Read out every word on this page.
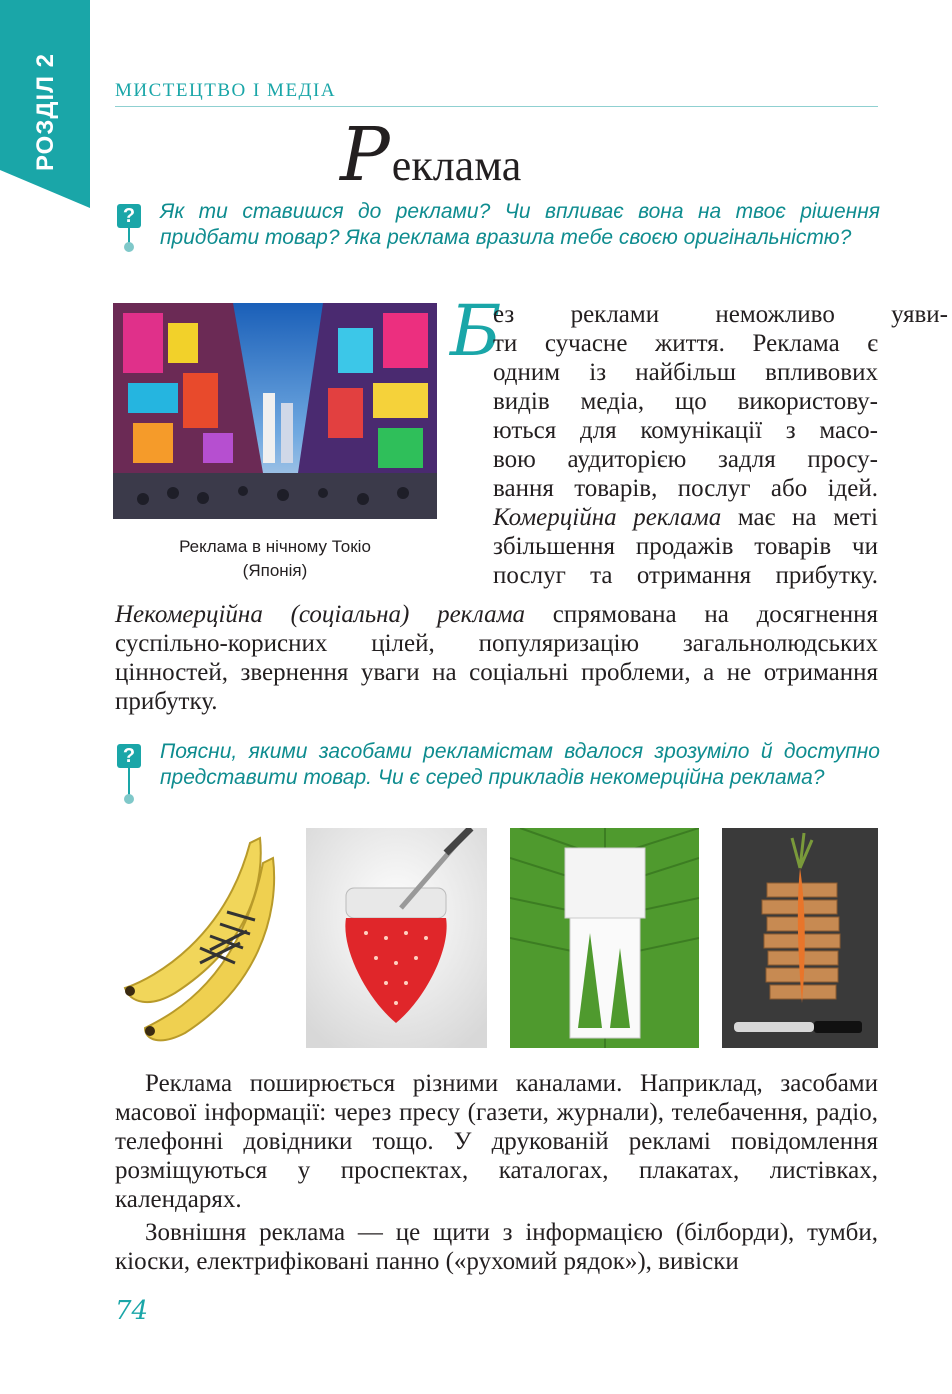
РОЗДІЛ 2	МИСТЕЦТВО І МЕДІА
Реклама
? Як ти ставишся до реклами? Чи впливає вона на твоє рішення придбати товар? Яка реклама вразила тебе своєю оригінальністю?
Реклама в нічному Токіо
(Японія)
Б
ез реклами неможливо уяви-
ти сучасне життя. Реклама є
одним із найбільш впливових
видів медіа, що використову-
ються для комунікації з масо-
вою аудиторією задля просу-
вання товарів, послуг або ідей.
Комерційна реклама має на меті
збільшення продажів товарів чи
послуг та отримання прибутку.
Некомерційна (соціальна) реклама спрямована на досягнення суспільно-корисних цілей, популяризацію загальнолюдських цінностей, звернення уваги на соціальні проблеми, а не отримання прибутку.
? Поясни, якими засобами рекламістам вдалося зрозуміло й доступно представити товар. Чи є серед прикладів некомерційна реклама?
Реклама поширюється різними каналами. Наприклад, засобами масової інформації: через пресу (газети, журнали), телебачення, радіо, телефонні довідники тощо. У друкованій рекламі повідомлення розміщуються у проспектах, каталогах, плакатах, листівках, календарях.
Зовнішня реклама — це щити з інформацією (білборди), тумби, кіоски, електрифіковані панно («рухомий рядок»), вивіски
74
